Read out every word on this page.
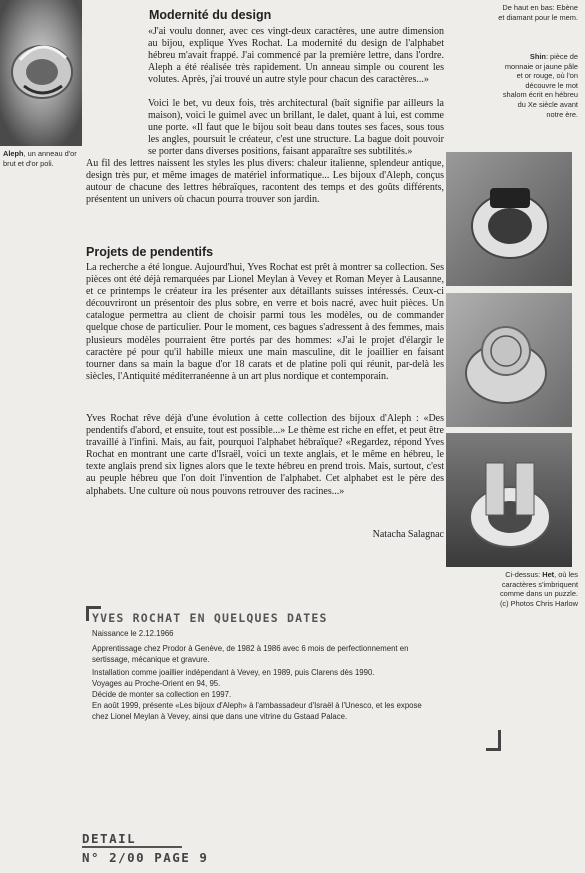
Aleph, un anneau d'or brut et d'or poli.

De haut en bas: Ebène et diamant pour le mem.

Shin: pièce de monnaie or jaune pâle et or rouge, où l'on découvre le mot shalom écrit en hébreu du Xe siècle avant notre ère.

Ci-dessus: Het, où les caractères s'imbriquent comme dans un puzzle. (c) Photos Chris Harlow

Modernité du design

«J'ai voulu donner, avec ces vingt-deux caractères, une autre dimension au bijou, explique Yves Rochat. La modernité du design de l'alphabet hébreu m'avait frappé. J'ai commencé par la première lettre, dans l'ordre. Aleph a été réalisée très rapidement. Un anneau simple ou courent les volutes. Après, j'ai trouvé un autre style pour chacun des caractères...»

Voici le bet, vu deux fois, très architectural (baït signifie par ailleurs la maison), voici le guimel avec un brillant, le dalet, quant à lui, est comme une porte. «Il faut que le bijou soit beau dans toutes ses faces, sous tous les angles, poursuit le créateur, c'est une structure. La bague doit pouvoir se porter dans diverses positions, faisant apparaître ses subtilités.»

Au fil des lettres naissent les styles les plus divers: chaleur italienne, splendeur antique, design très pur, et même images de matériel informatique... Les bijoux d'Aleph, conçus autour de chacune des lettres hébraïques, racontent des temps et des goûts différents, présentent un univers où chacun pourra trouver son jardin.

Projets de pendentifs

La recherche a été longue. Aujourd'hui, Yves Rochat est prêt à montrer sa collection. Ses pièces ont été déjà remarquées par Lionel Meylan à Vevey et Roman Meyer à Lausanne, et ce printemps le créateur ira les présenter aux détaillants suisses intéressés. Ceux-ci découvriront un présentoir des plus sobre, en verre et bois nacré, avec huit pièces. Un catalogue permettra au client de choisir parmi tous les modèles, ou de commander quelque chose de particulier. Pour le moment, ces bagues s'adressent à des femmes, mais plusieurs modèles pourraient être portés par des hommes: «J'ai le projet d'élargir le caractère pé pour qu'il habille mieux une main masculine, dit le joaillier en faisant tourner dans sa main la bague d'or 18 carats et de platine poli qui réunit, par-delà les siècles, l'Antiquité méditerranéenne à un art plus nordique et contemporain.

Yves Rochat rêve déjà d'une évolution à cette collection des bijoux d'Aleph : «Des pendentifs d'abord, et ensuite, tout est possible...» Le thème est riche en effet, et peut être travaillé à l'infini. Mais, au fait, pourquoi l'alphabet hébraïque? «Regardez, répond Yves Rochat en montrant une carte d'Israël, voici un texte anglais, et le même en hébreu, le texte anglais prend six lignes alors que le texte hébreu en prend trois. Mais, surtout, c'est au peuple hébreu que l'on doit l'invention de l'alphabet. Cet alphabet est le père des alphabets. Une culture où nous pouvons retrouver des racines...»

Natacha Salagnac

YVES ROCHAT EN QUELQUES DATES

Naissance le 2.12.1966

Apprentissage chez Prodor à Genève, de 1982 à 1986 avec 6 mois de perfectionnement en sertissage, mécanique et gravure.

Installation comme joaillier indépendant à Vevey, en 1989, puis Clarens dès 1990.

Voyages au Proche-Orient en 94, 95.

Décide de monter sa collection en 1997.

En août 1999, présente «Les bijoux d'Aleph» à l'ambassadeur d'Israël à l'Unesco, et les expose chez Lionel Meylan à Vevey, ainsi que dans une vitrine du Gstaad Palace.

DETAIL

N° 2/00 PAGE 9
